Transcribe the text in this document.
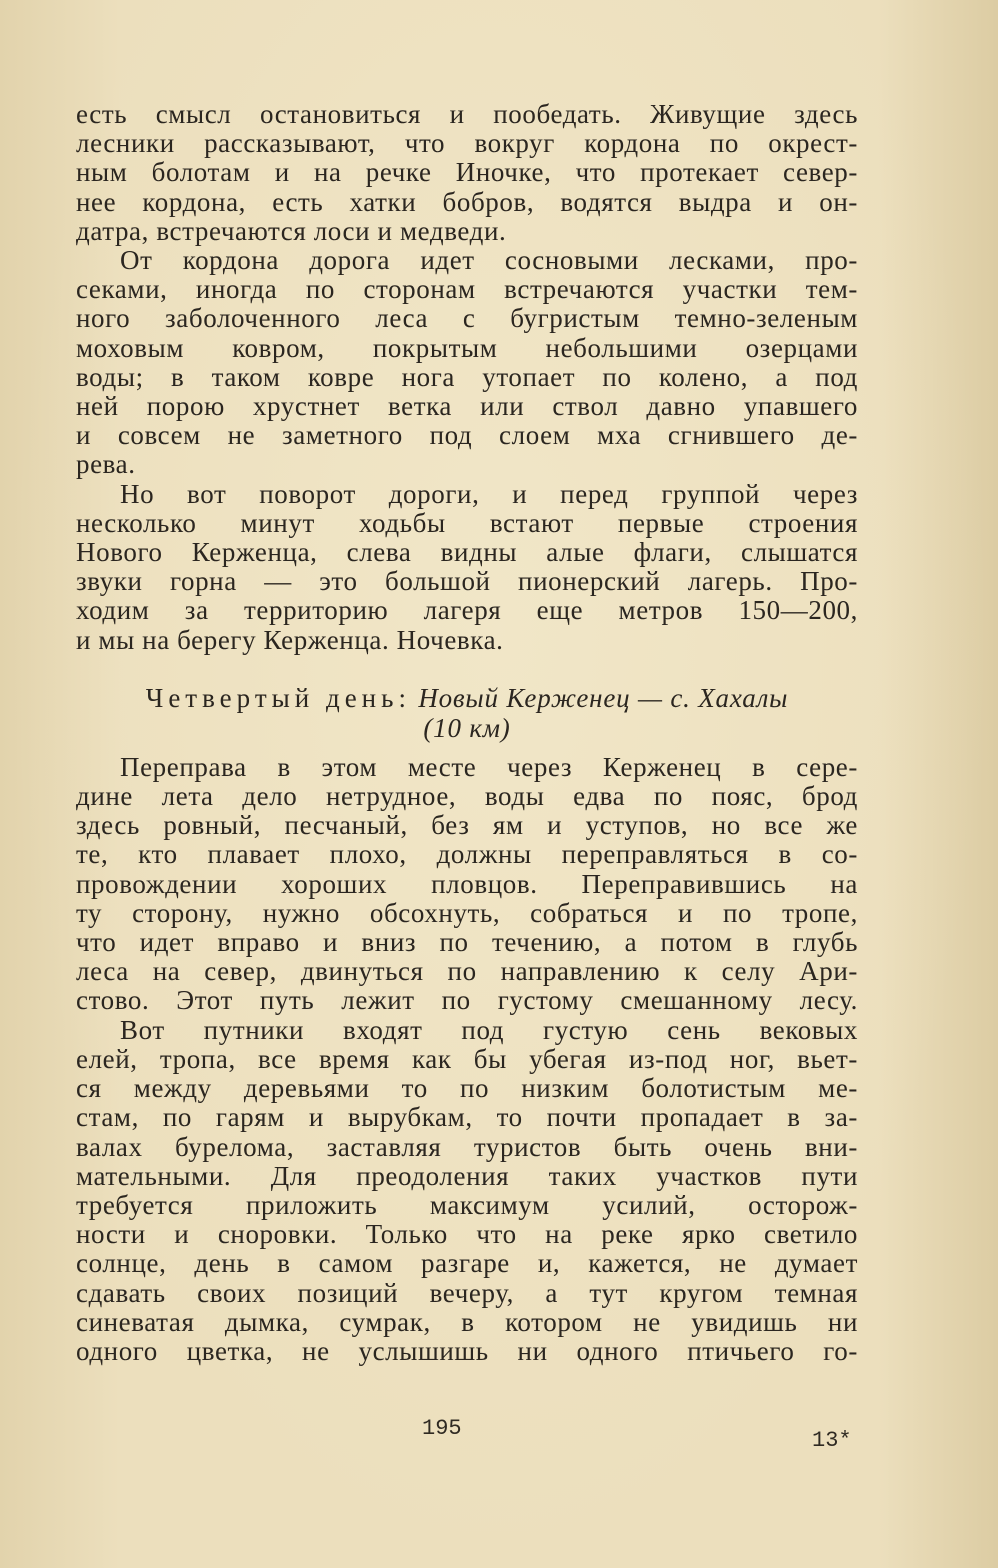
есть смысл остановиться и пообедать. Живущие здесь
лесники рассказывают, что вокруг кордона по окрест-
ным болотам и на речке Иночке, что протекает север-
нее кордона, есть хатки бобров, водятся выдра и он-
датра, встречаются лоси и медведи.

От кордона дорога идет сосновыми лесками, про-
секами, иногда по сторонам встречаются участки тем-
ного заболоченного леса с бугристым темно-зеленым
моховым ковром, покрытым небольшими озерцами
воды; в таком ковре нога утопает по колено, а под
ней порою хрустнет ветка или ствол давно упавшего
и совсем не заметного под слоем мха сгнившего де-
рева.

Но вот поворот дороги, и перед группой через
несколько минут ходьбы встают первые строения
Нового Керженца, слева видны алые флаги, слышатся
звуки горна — это большой пионерский лагерь. Про-
ходим за территорию лагеря еще метров 150—200,
и мы на берегу Керженца. Ночевка.

Четвертый день: Новый Керженец — с. Хахалы
(10 км)

Переправа в этом месте через Керженец в сере-
дине лета дело нетрудное, воды едва по пояс, брод
здесь ровный, песчаный, без ям и уступов, но все же
те, кто плавает плохо, должны переправляться в со-
провождении хороших пловцов. Переправившись на
ту сторону, нужно обсохнуть, собраться и по тропе,
что идет вправо и вниз по течению, а потом в глубь
леса на север, двинуться по направлению к селу Ари-
стово. Этот путь лежит по густому смешанному лесу.

Вот путники входят под густую сень вековых
елей, тропа, все время как бы убегая из-под ног, вьет-
ся между деревьями то по низким болотистым ме-
стам, по гарям и вырубкам, то почти пропадает в за-
валах бурелома, заставляя туристов быть очень вни-
мательными. Для преодоления таких участков пути
требуется приложить максимум усилий, осторож-
ности и сноровки. Только что на реке ярко светило
солнце, день в самом разгаре и, кажется, не думает
сдавать своих позиций вечеру, а тут кругом темная
синеватая дымка, сумрак, в котором не увидишь ни
одного цветка, не услышишь ни одного птичьего го-

195	13*
